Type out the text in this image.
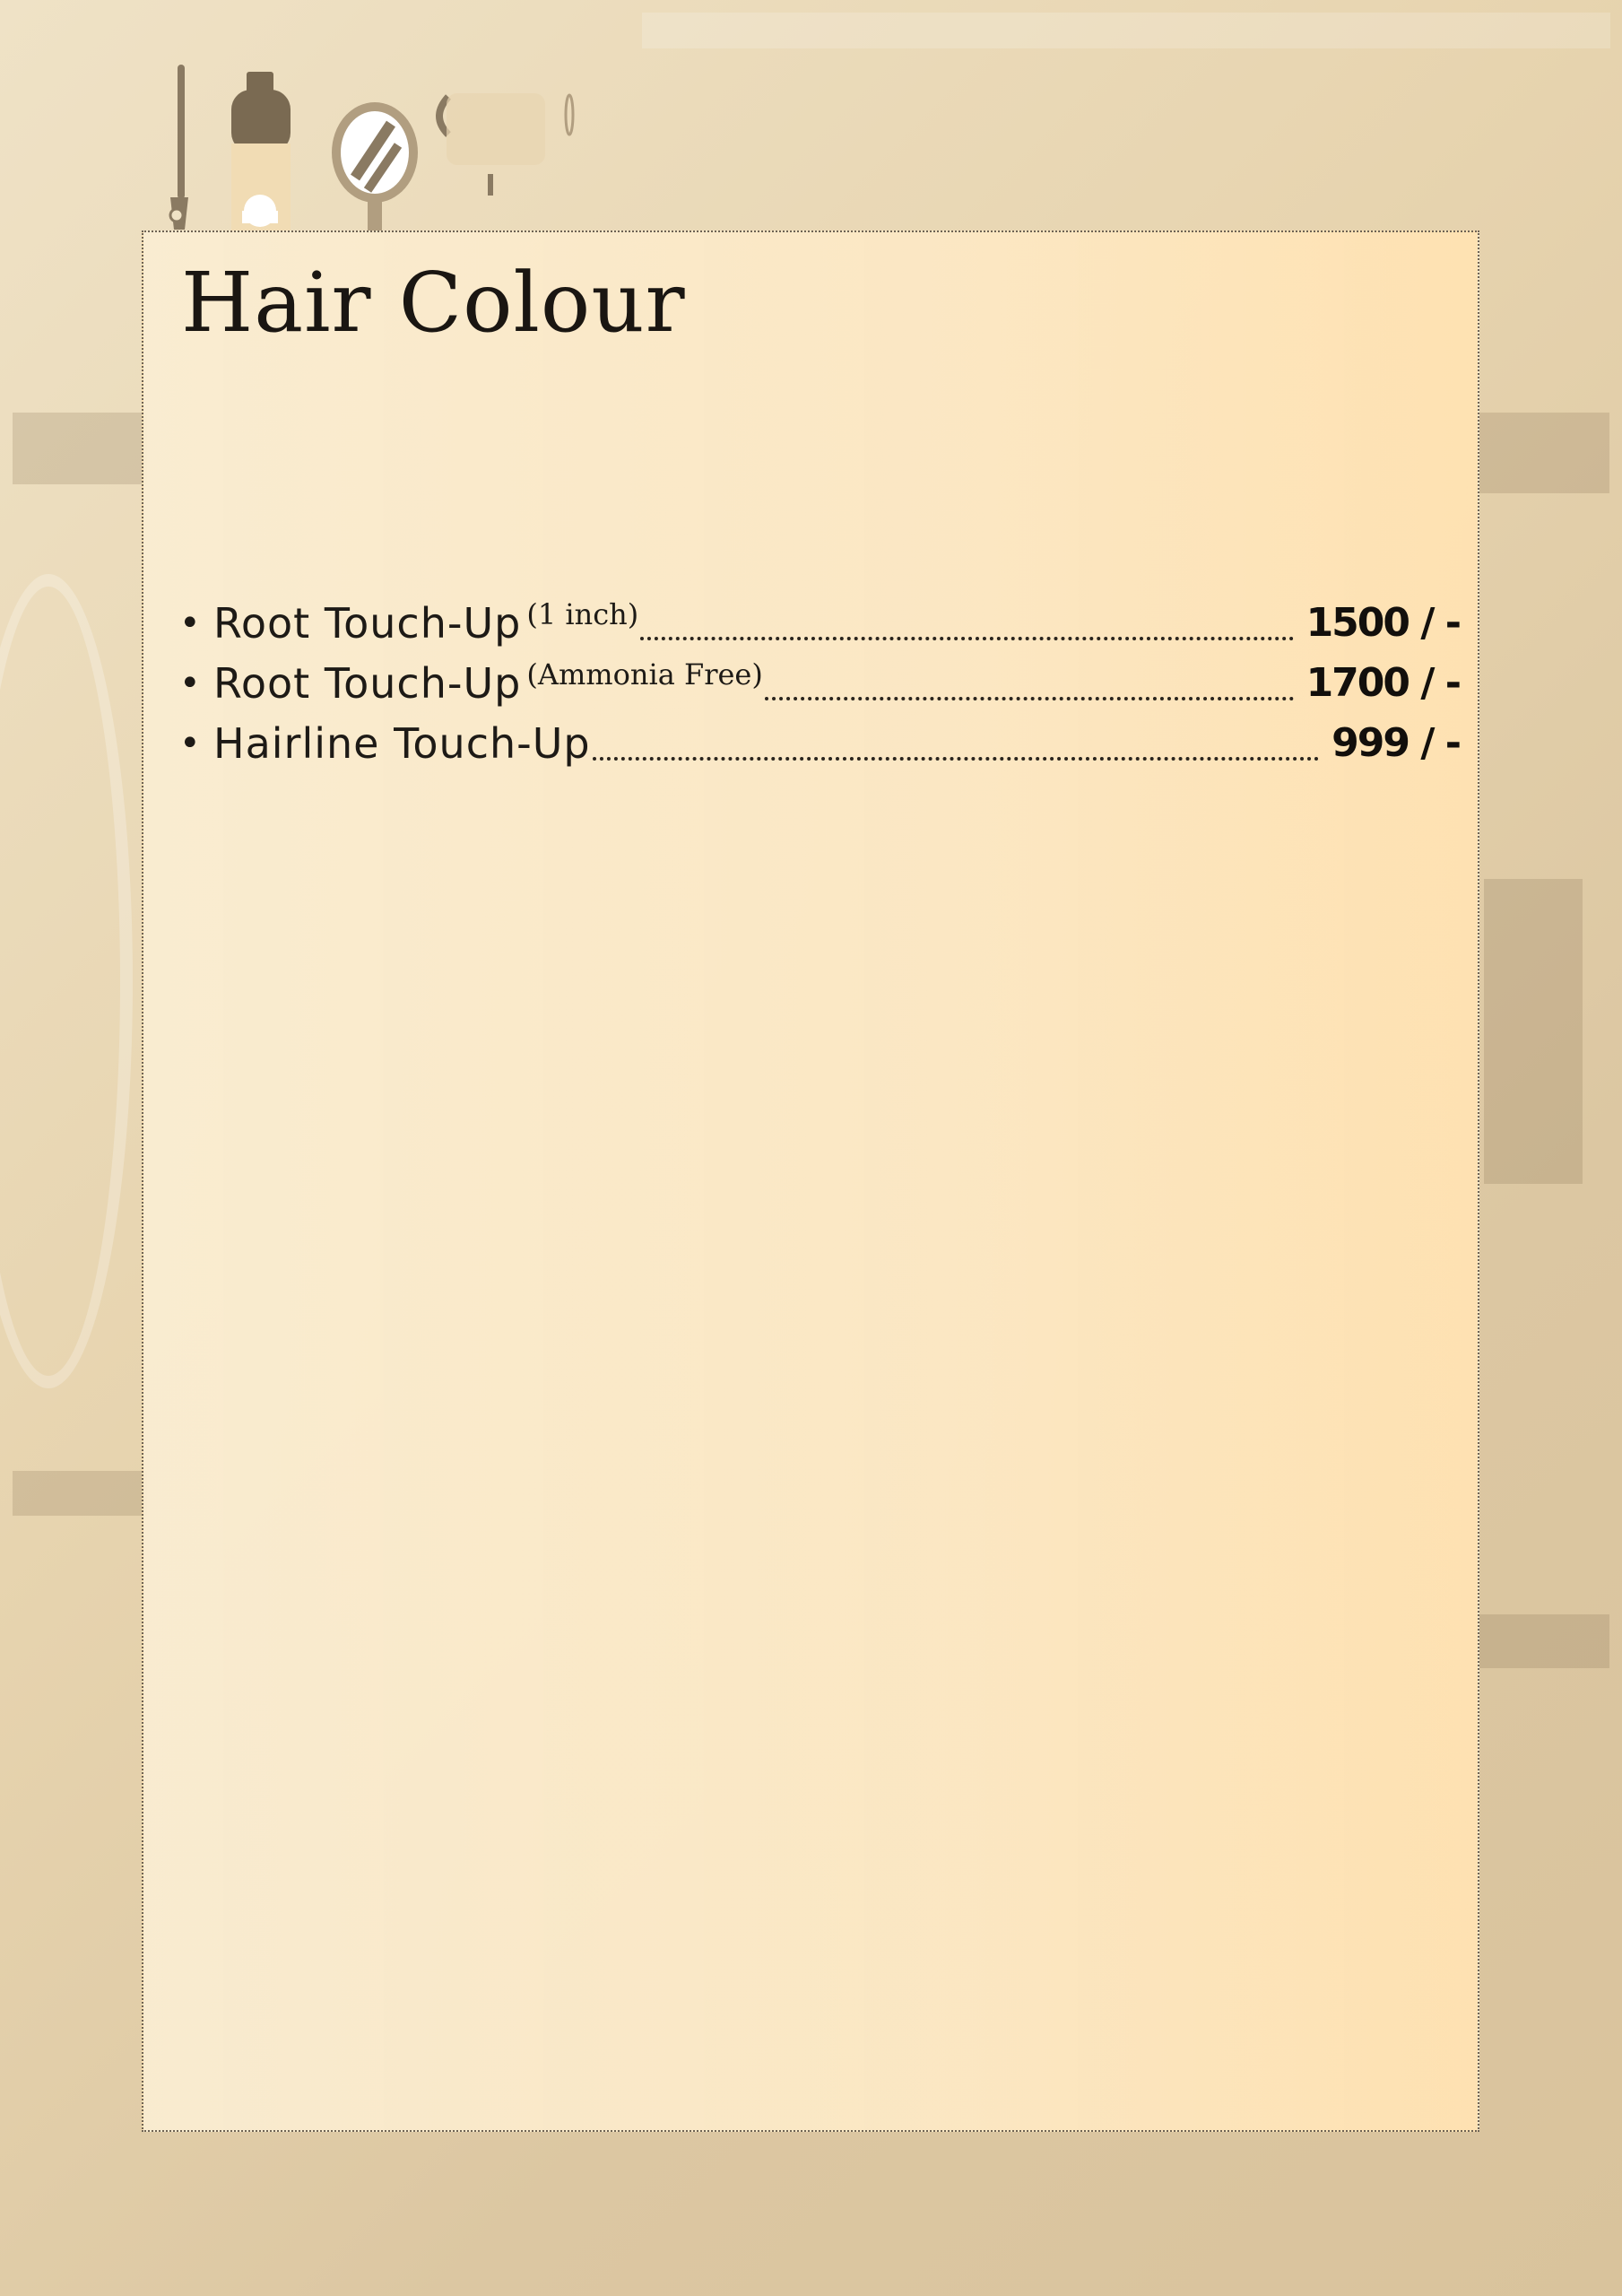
Hair Colour
• Root Touch-Up (1 inch)	1500 / -
• Root Touch-Up (Ammonia Free)	1700 / -
• Hairline Touch-Up	999 / -
